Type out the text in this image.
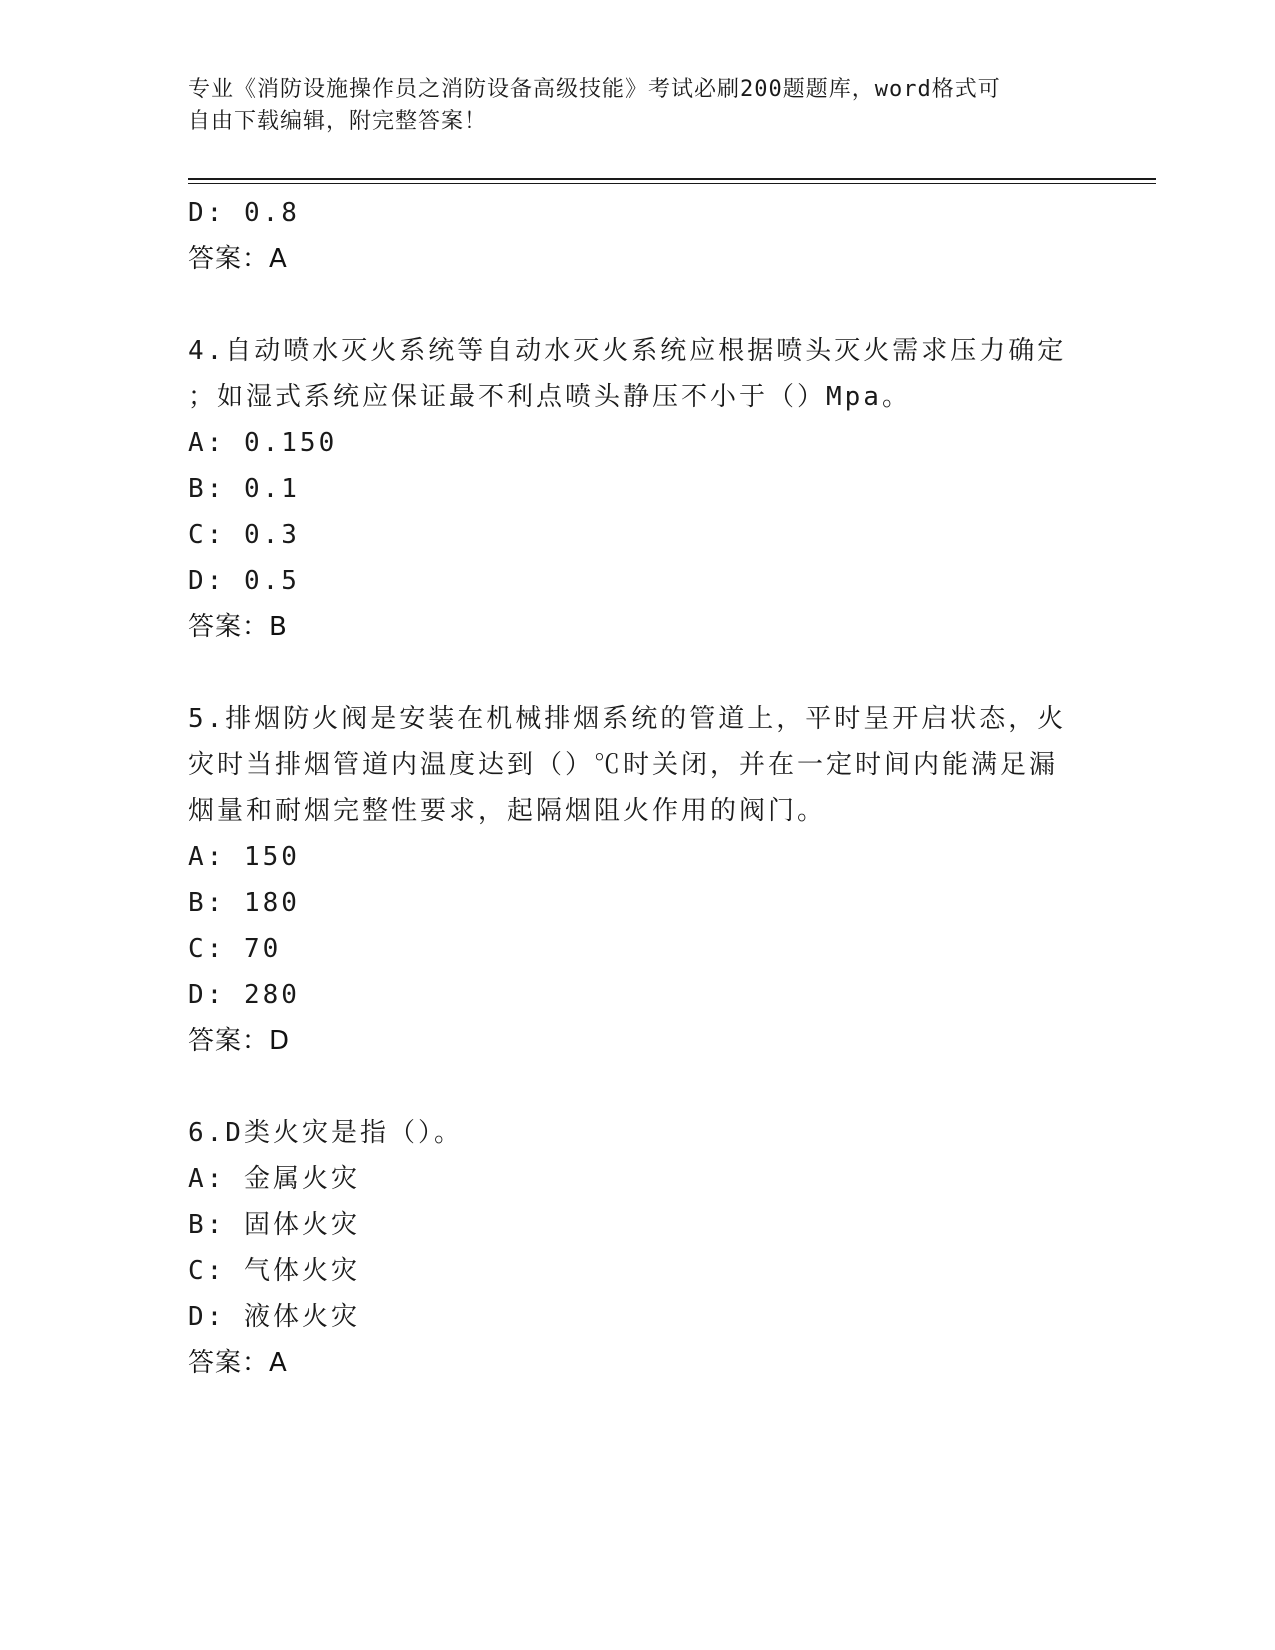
专业《消防设施操作员之消防设备高级技能》考试必刷200题题库，word格式可
自由下载编辑，附完整答案！
D: 0.8
答案：A
4.自动喷水灭火系统等自动水灭火系统应根据喷头灭火需求压力确定
；如湿式系统应保证最不利点喷头静压不小于（）Mpa。
A: 0.150
B: 0.1
C: 0.3
D: 0.5
答案：B
5.排烟防火阀是安装在机械排烟系统的管道上，平时呈开启状态，火
灾时当排烟管道内温度达到（）℃时关闭，并在一定时间内能满足漏
烟量和耐烟完整性要求，起隔烟阻火作用的阀门。
A: 150
B: 180
C: 70
D: 280
答案：D
6.D类火灾是指（）。
A: 金属火灾
B: 固体火灾
C: 气体火灾
D: 液体火灾
答案：A
